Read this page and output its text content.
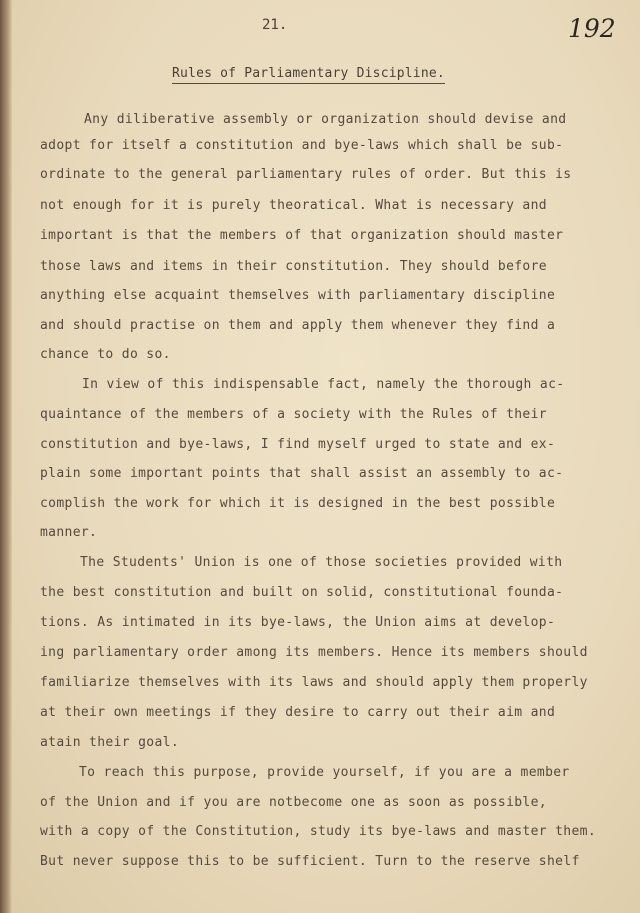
21.	192
Rules of Parliamentary Discipline.
Any diliberative assembly or organization should devise and
adopt for itself a constitution and bye-laws which shall be sub-
ordinate to the general parliamentary rules of order. But this is
not enough for it is purely theoratical. What is necessary and
important is that the members of that organization should master
those laws and items in their constitution. They should before
anything else acquaint themselves with parliamentary discipline
and should practise on them and apply them whenever they find a
chance to do so.
In view of this indispensable fact, namely the thorough ac-
quaintance of the members of a society with the Rules of their
constitution and bye-laws, I find myself urged to state and ex-
plain some important points that shall assist an assembly to ac-
complish the work for which it is designed in the best possible
manner.
The Students' Union is one of those societies provided with
the best constitution and built on solid, constitutional founda-
tions. As intimated in its bye-laws, the Union aims at develop-
ing parliamentary order among its members. Hence its members should
familiarize themselves with its laws and should apply them properly
at their own meetings if they desire to carry out their aim and
atain their goal.
To reach this purpose, provide yourself, if you are a member
of the Union and if you are notbecome one as soon as possible,
with a copy of the Constitution, study its bye-laws and master them.
But never suppose this to be sufficient. Turn to the reserve shelf
